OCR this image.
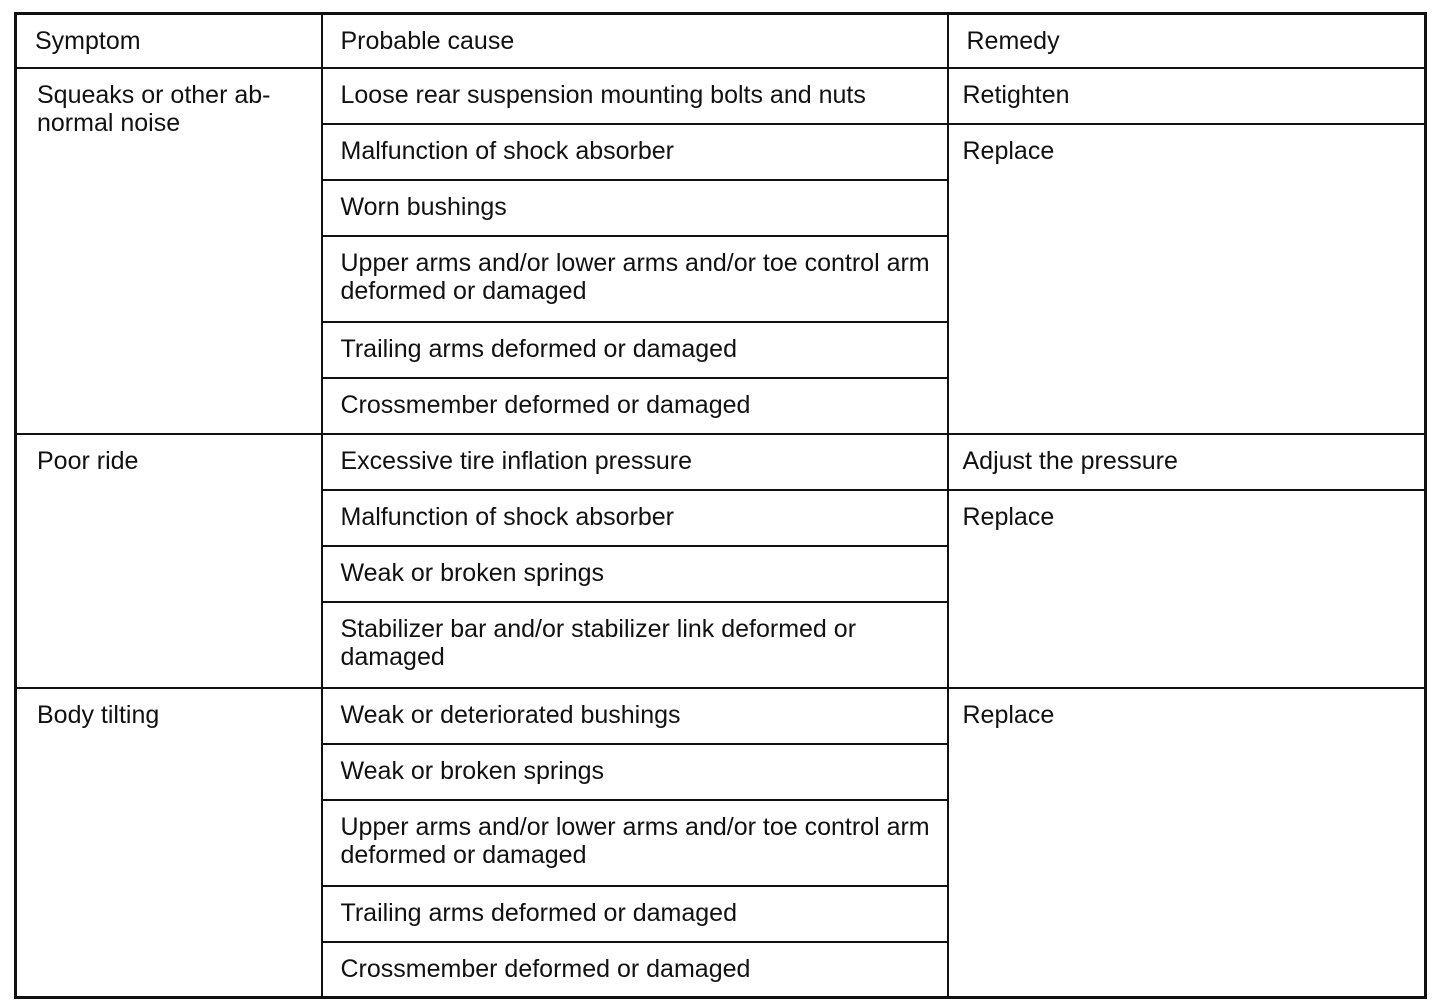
Symptom	Probable cause	Remedy
Squeaks or other ab-normal noise	Loose rear suspension mounting bolts and nuts	Retighten
	Malfunction of shock absorber	Replace
	Worn bushings	
	Upper arms and/or lower arms and/or toe control arm deformed or damaged	
	Trailing arms deformed or damaged	
	Crossmember deformed or damaged	
Poor ride	Excessive tire inflation pressure	Adjust the pressure
	Malfunction of shock absorber	Replace
	Weak or broken springs	
	Stabilizer bar and/or stabilizer link deformed or damaged	
Body tilting	Weak or deteriorated bushings	Replace
	Weak or broken springs	
	Upper arms and/or lower arms and/or toe control arm deformed or damaged	
	Trailing arms deformed or damaged	
	Crossmember deformed or damaged	
